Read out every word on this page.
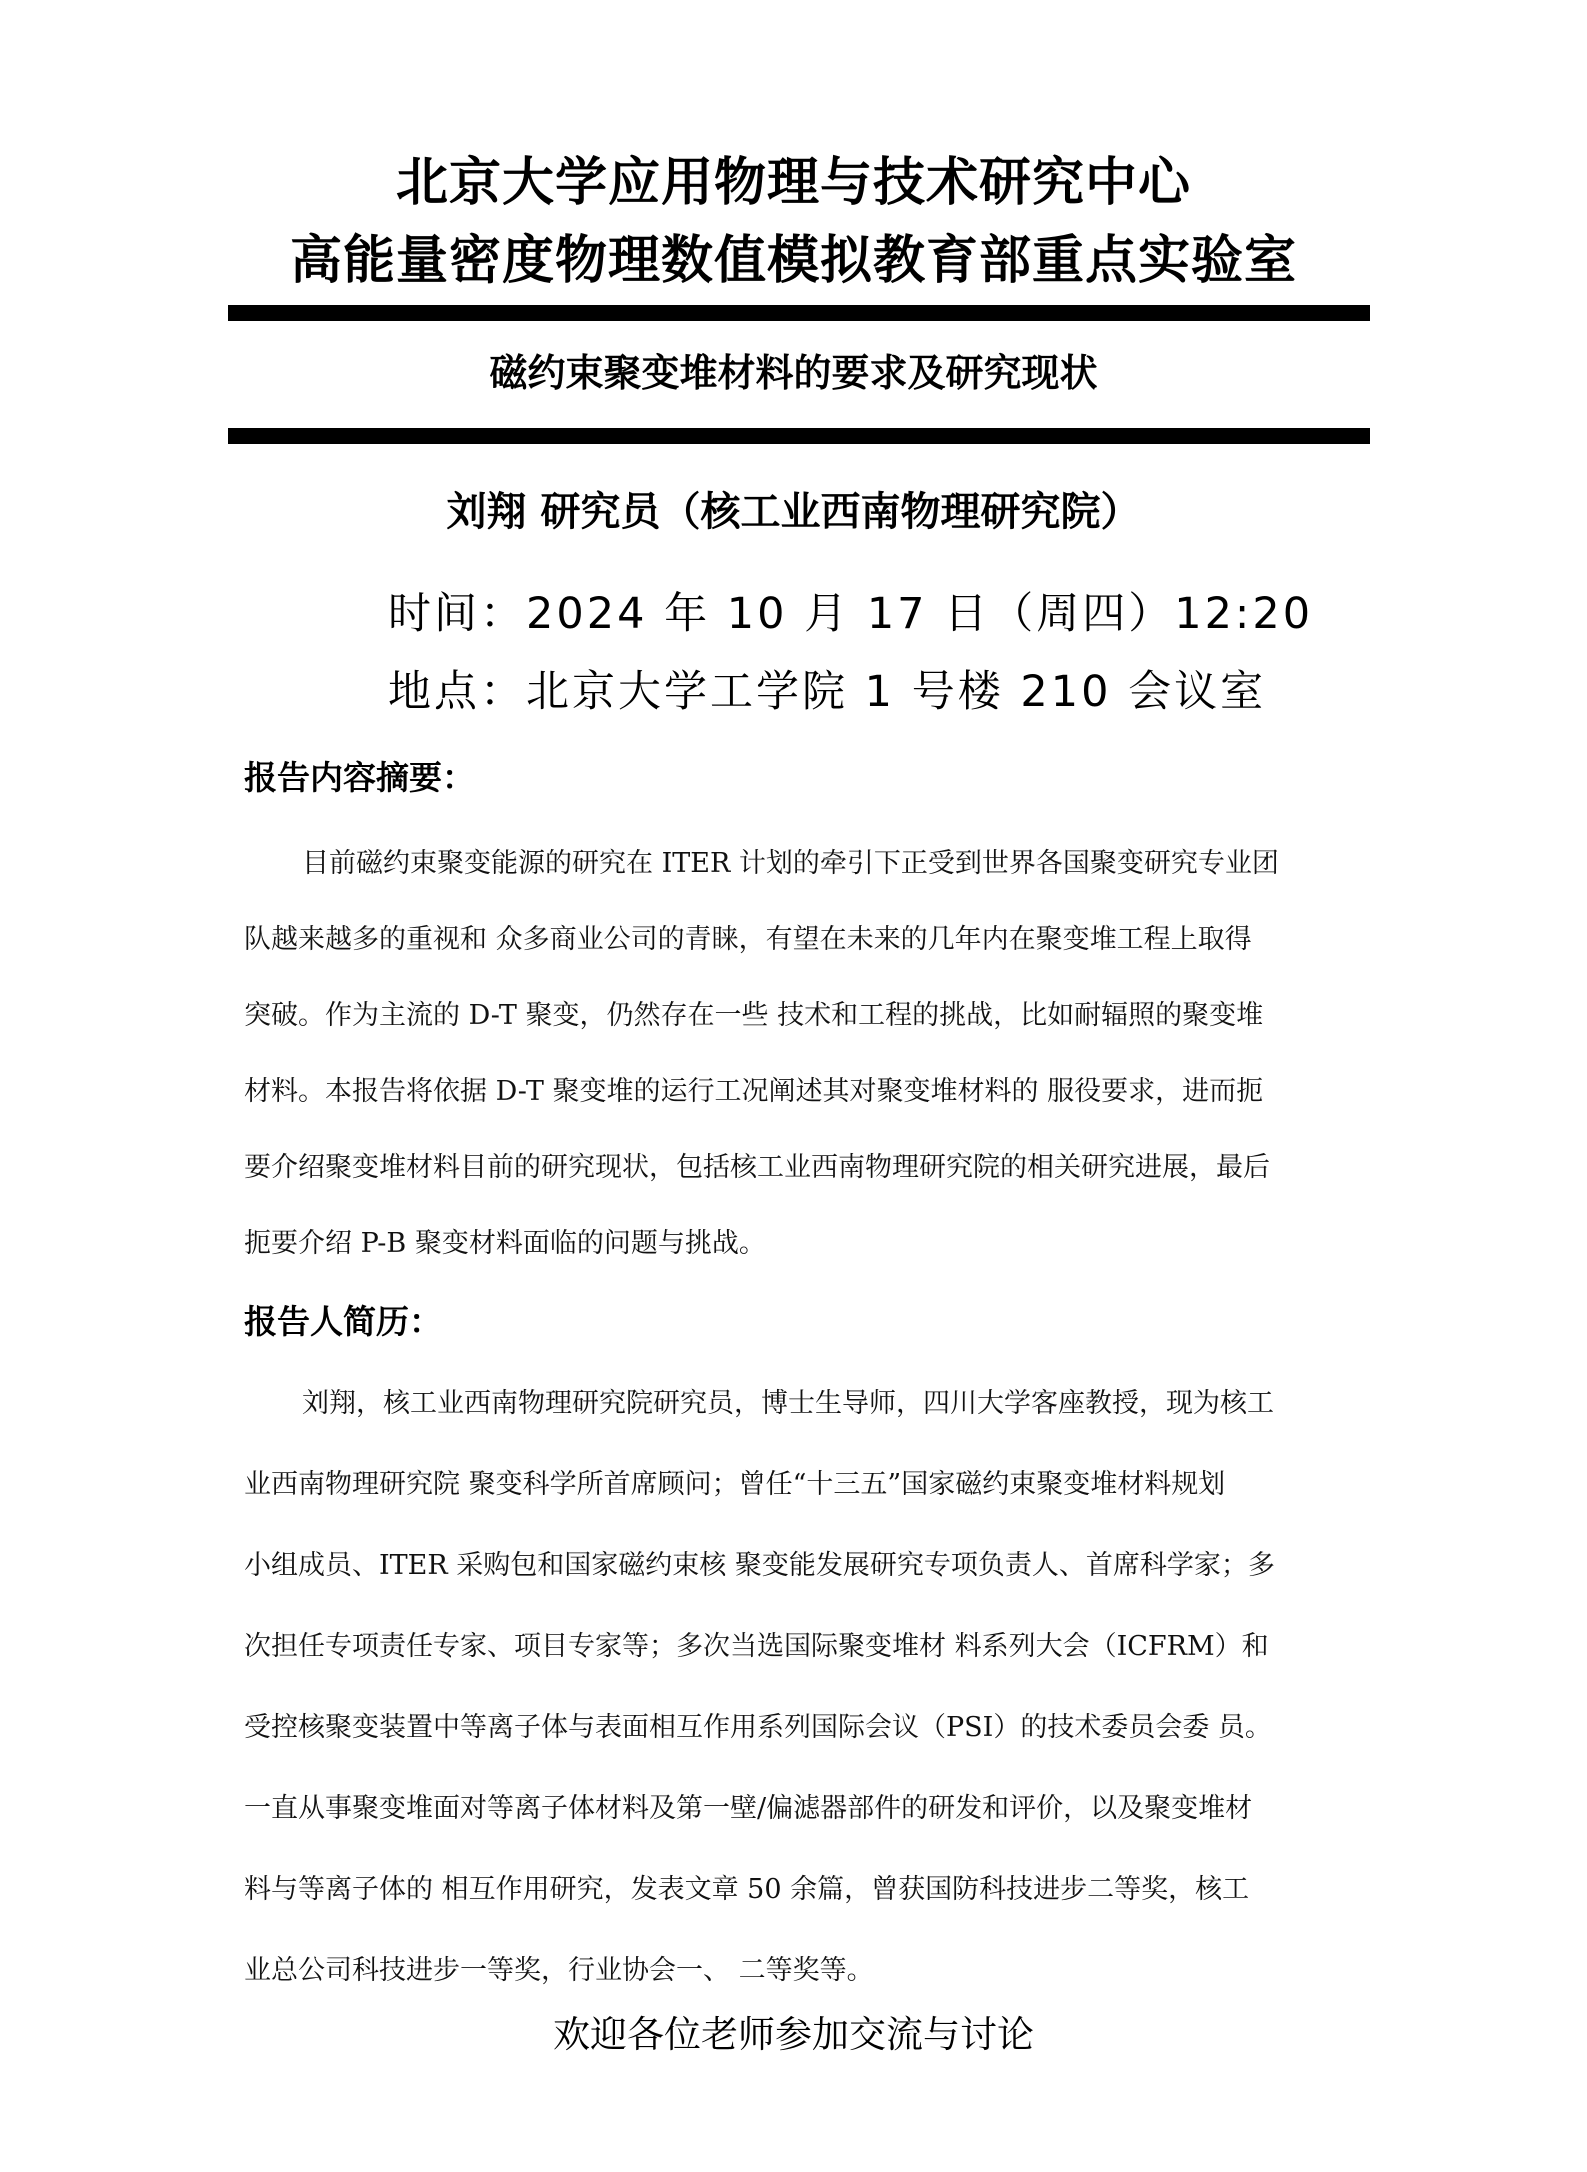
北京大学应用物理与技术研究中心
高能量密度物理数值模拟教育部重点实验室
磁约束聚变堆材料的要求及研究现状
刘翔 研究员（核工业西南物理研究院）
时间：2024 年 10 月 17 日（周四）12:20
地点：北京大学工学院 1 号楼 210 会议室
报告内容摘要：
目前磁约束聚变能源的研究在 ITER 计划的牵引下正受到世界各国聚变研究专业团
队越来越多的重视和 众多商业公司的青睐，有望在未来的几年内在聚变堆工程上取得
突破。作为主流的 D-T 聚变，仍然存在一些 技术和工程的挑战，比如耐辐照的聚变堆
材料。本报告将依据 D-T 聚变堆的运行工况阐述其对聚变堆材料的 服役要求，进而扼
要介绍聚变堆材料目前的研究现状，包括核工业西南物理研究院的相关研究进展，最后
扼要介绍 P-B 聚变材料面临的问题与挑战。
报告人简历：
刘翔，核工业西南物理研究院研究员，博士生导师，四川大学客座教授，现为核工
业西南物理研究院 聚变科学所首席顾问；曾任“十三五”国家磁约束聚变堆材料规划
小组成员、ITER 采购包和国家磁约束核 聚变能发展研究专项负责人、首席科学家；多
次担任专项责任专家、项目专家等；多次当选国际聚变堆材 料系列大会（ICFRM）和
受控核聚变装置中等离子体与表面相互作用系列国际会议（PSI）的技术委员会委 员。
一直从事聚变堆面对等离子体材料及第一壁/偏滤器部件的研发和评价，以及聚变堆材
料与等离子体的 相互作用研究，发表文章 50 余篇，曾获国防科技进步二等奖，核工
业总公司科技进步一等奖，行业协会一、 二等奖等。
欢迎各位老师参加交流与讨论
